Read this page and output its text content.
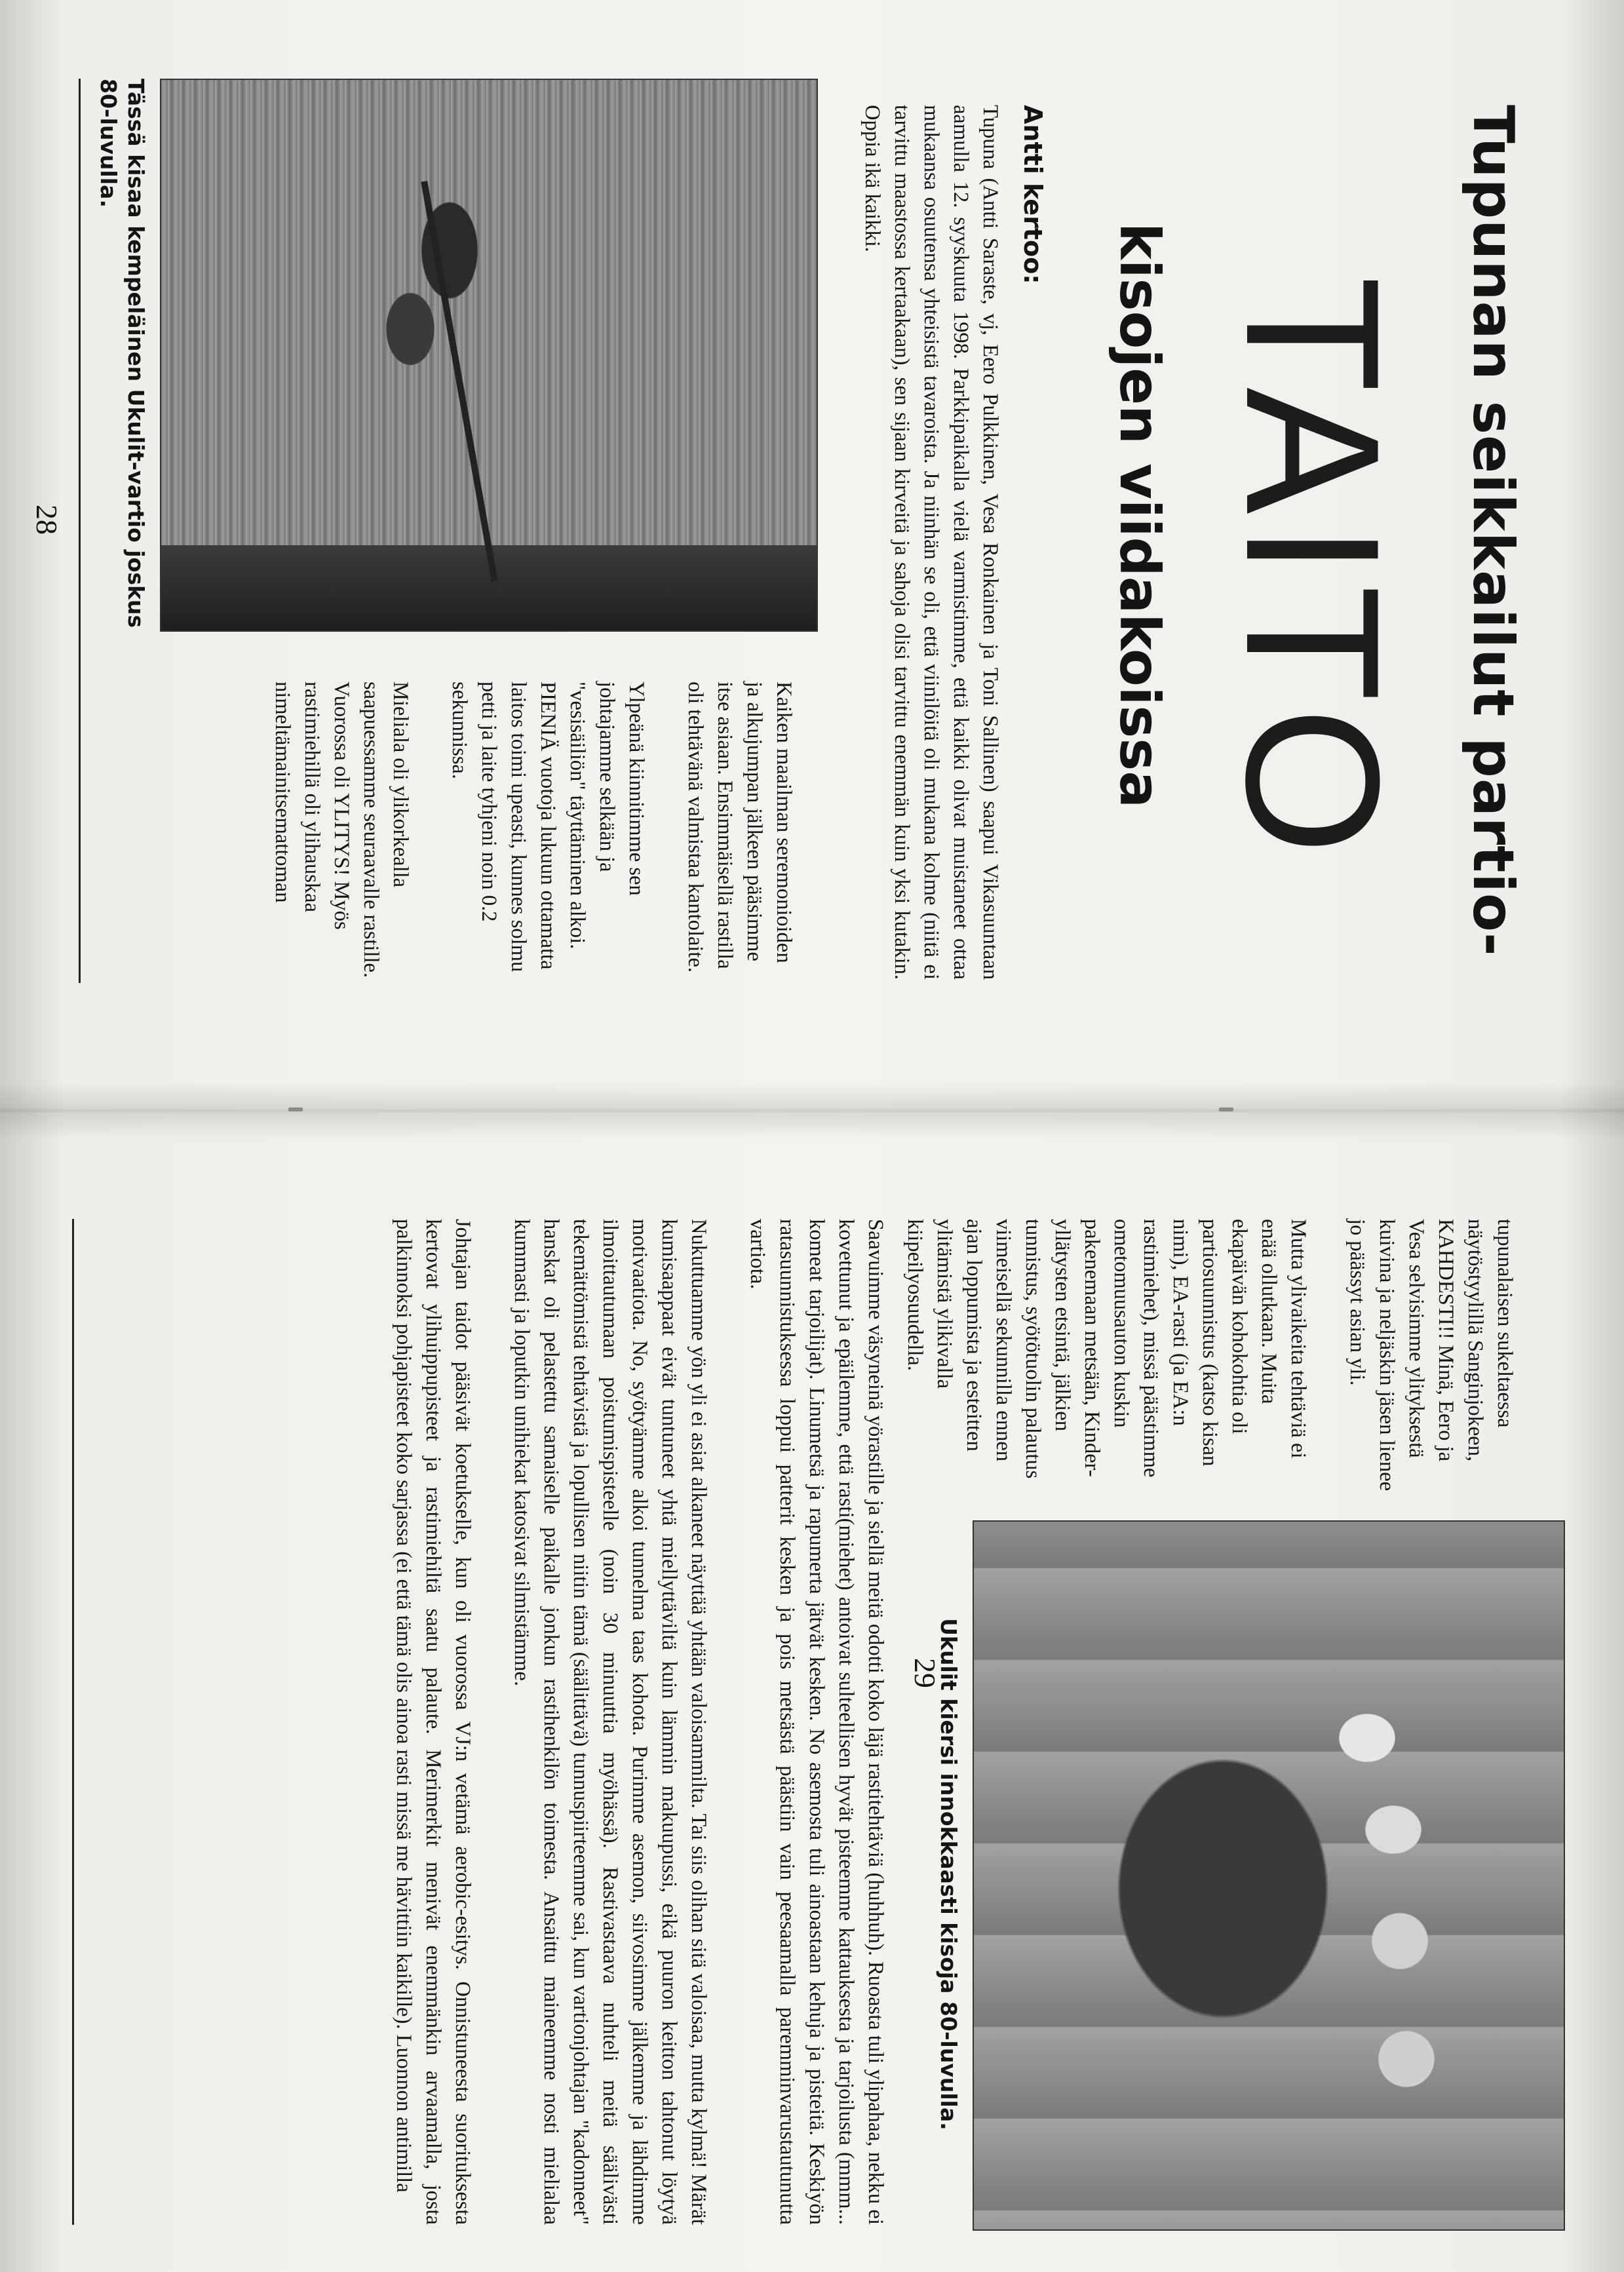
Tupunan seikkailut partio-
TAITO
kisojen viidakoissa
Antti kertoo:
Tupuna (Antti Saraste, vj, Eero Pulkkinen, Vesa Ronkainen ja Toni Sallinen) saapui Vikasuuntaan aamulla 12. syyskuuta 1998. Parkkipaikalla vielä varmistimme, että kaikki olivat muistaneet ottaa mukaansa osuutensa yhteisistä tavaroista. Ja niinhän se oli, että viinilöitä oli mukana kolme (niitä ei tarvittu maastossa kertaakaan), sen sijaan kirveitä ja sahoja olisi tarvittu enemmän kuin yksi kutakin. Oppia ikä kaikki.
Tässä kisaa kempeläinen Ukulit-vartio joskus 80-luvulla.

Kaiken maailman seremonioiden ja alkujumpan jälkeen pääsimme itse asiaan. Ensimmäisellä rastilla oli tehtävänä valmistaa kantolaite.

Ylpeänä kiinnitimme sen johtajamme selkään ja "vesisäiliön" täyttäminen alkoi. PIENIÄ vuotoja lukuun ottamatta laitos toimi upeasti, kunnes solmu petti ja laite tyhjeni noin 0.2 sekunnissa.

Mieliala oli ylikorkealla saapuessamme seuraavalle rastille. Vuorossa oli YLITYS! Myös rastimiehillä oli ylihauskaa nimeltämainitsemattoman

28

tupunalaisen sukeltaessa näytöstyylillä Sanginjokeen, KAHDESTI!! Minä, Eero ja Vesa selvisimme ylityksestä kuivina ja neljäskin jäsen lienee jo päässyt asian yli.

Mutta ylivaikeita tehtäviä ei enää ollutkaan. Muita ekapäivän kohokohtia oli partiosuunnistus (katso kisan nimi), EA-rasti (ja EA:n rastimiehet), missä päästimme ometomuusauton kuskin pakenemaan metsään, Kinder-yllätysten etsintä, jälkien tunnistus, syötötuolin palautus viimeisellä sekunnilla ennen ajan loppumista ja esteitten ylitämistä ylikivalla kiipeilyosuudella.

Ukulit kiersi innokkaasti kisoja 80-luvulla.
29

Saavuimme väsyneinä yörastille ja siellä meitä odotti koko läjä rastitehtäviä (huhhuh). Ruoasta tuli ylipahaa, nekku ei kovettunut ja epäilemme, että rasti(miehet) antoivat sulteellisen hyvät pisteemme kattauksesta ja tarjoilusta (mmm... komeat tarjoilijat). Linumetsä ja rapumerta jätvät kesken. No asemosta tuli ainoastaan kehuja ja pisteitä. Keskiyön ratasuunnistuksessa loppui patterit kesken ja pois metsästä päästiin vain peesaamalla paremminvarustautunutta vartiota.

Nukuttuamme yön yli ei asiat alkaneet näyttää yhtään valoisammilta. Tai siis olihan sitä valoisaa, mutta kylmä! Märät kumisaappaat eivät tuntuneet yhtä miellyttäviltä kuin lämmin makuupussi, eikä puuron keitton tahtonut löytyä motivaatiota. No, syötyämme alkoi tunnelma taas kohota. Purimme asemon, siivosimme jälkemme ja lähdimme ilmoittautumaan poistumispisteelle (noin 30 minuuttia myöhässä). Rastivastaava nuhteli meitä säälivästi tekemättömistä tehtävistä ja lopullisen niitin tämä (säälittävä) tunnuspiirteemme sai, kun vartionjohtajan "kadonneet" hanskat oli pelastettu samaiselle paikalle jonkun rastihenkilön toimesta. Ansaittu maineemme nosti mielialaa kummasti ja loputkin unihiekat katosivat silmistämme.

Johtajan taidot pääsivät koetukselle, kun oli vuorossa VJ:n vetämä aerobic-esitys. Onnistuneesta suorituksesta kertovat ylihuippupisteet ja rastimiehiltä saatu palaute. Merimerkit menivät enemmänkin arvaamalla, josta palkinnoksi pohjapisteet koko sarjassa (ei että tämä olis ainoa rasti missä me hävittiin kaikille). Luonnon antimilla
